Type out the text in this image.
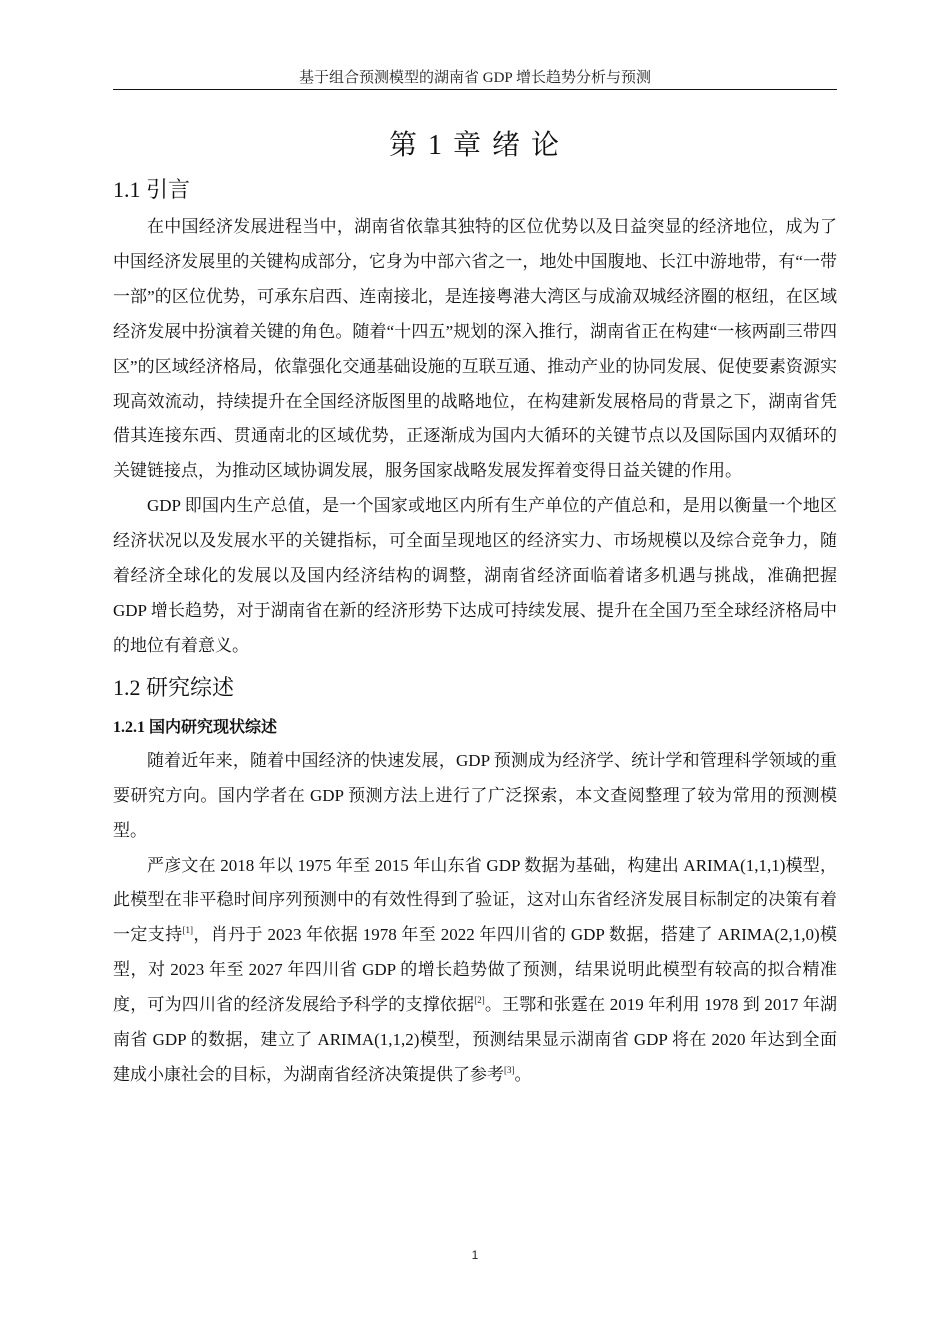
基于组合预测模型的湖南省 GDP 增长趋势分析与预测
第 1 章 绪 论
1.1 引言

在中国经济发展进程当中，湖南省依靠其独特的区位优势以及日益突显的经济地位，成为了中国经济发展里的关键构成部分，它身为中部六省之一，地处中国腹地、长江中游地带，有“一带一部”的区位优势，可承东启西、连南接北，是连接粤港大湾区与成渝双城经济圈的枢纽，在区域经济发展中扮演着关键的角色。随着“十四五”规划的深入推行，湖南省正在构建“一核两副三带四区”的区域经济格局，依靠强化交通基础设施的互联互通、推动产业的协同发展、促使要素资源实现高效流动，持续提升在全国经济版图里的战略地位，在构建新发展格局的背景之下，湖南省凭借其连接东西、贯通南北的区域优势，正逐渐成为国内大循环的关键节点以及国际国内双循环的关键链接点，为推动区域协调发展，服务国家战略发展发挥着变得日益关键的作用。

GDP 即国内生产总值，是一个国家或地区内所有生产单位的产值总和，是用以衡量一个地区经济状况以及发展水平的关键指标，可全面呈现地区的经济实力、市场规模以及综合竞争力，随着经济全球化的发展以及国内经济结构的调整，湖南省经济面临着诸多机遇与挑战，准确把握 GDP 增长趋势，对于湖南省在新的经济形势下达成可持续发展、提升在全国乃至全球经济格局中的地位有着意义。

1.2 研究综述
1.2.1 国内研究现状综述

随着近年来，随着中国经济的快速发展，GDP 预测成为经济学、统计学和管理科学领域的重要研究方向。国内学者在 GDP 预测方法上进行了广泛探索，本文查阅整理了较为常用的预测模型。

严彦文在 2018 年以 1975 年至 2015 年山东省 GDP 数据为基础，构建出 ARIMA(1,1,1)模型，此模型在非平稳时间序列预测中的有效性得到了验证，这对山东省经济发展目标制定的决策有着一定支持[1]，肖丹于 2023 年依据 1978 年至 2022 年四川省的 GDP 数据，搭建了 ARIMA(2,1,0)模型，对 2023 年至 2027 年四川省 GDP 的增长趋势做了预测，结果说明此模型有较高的拟合精准度，可为四川省的经济发展给予科学的支撑依据[2]。王鄂和张霆在 2019 年利用 1978 到 2017 年湖南省 GDP 的数据，建立了 ARIMA(1,1,2)模型，预测结果显示湖南省 GDP 将在 2020 年达到全面建成小康社会的目标，为湖南省经济决策提供了参考[3]。

1
